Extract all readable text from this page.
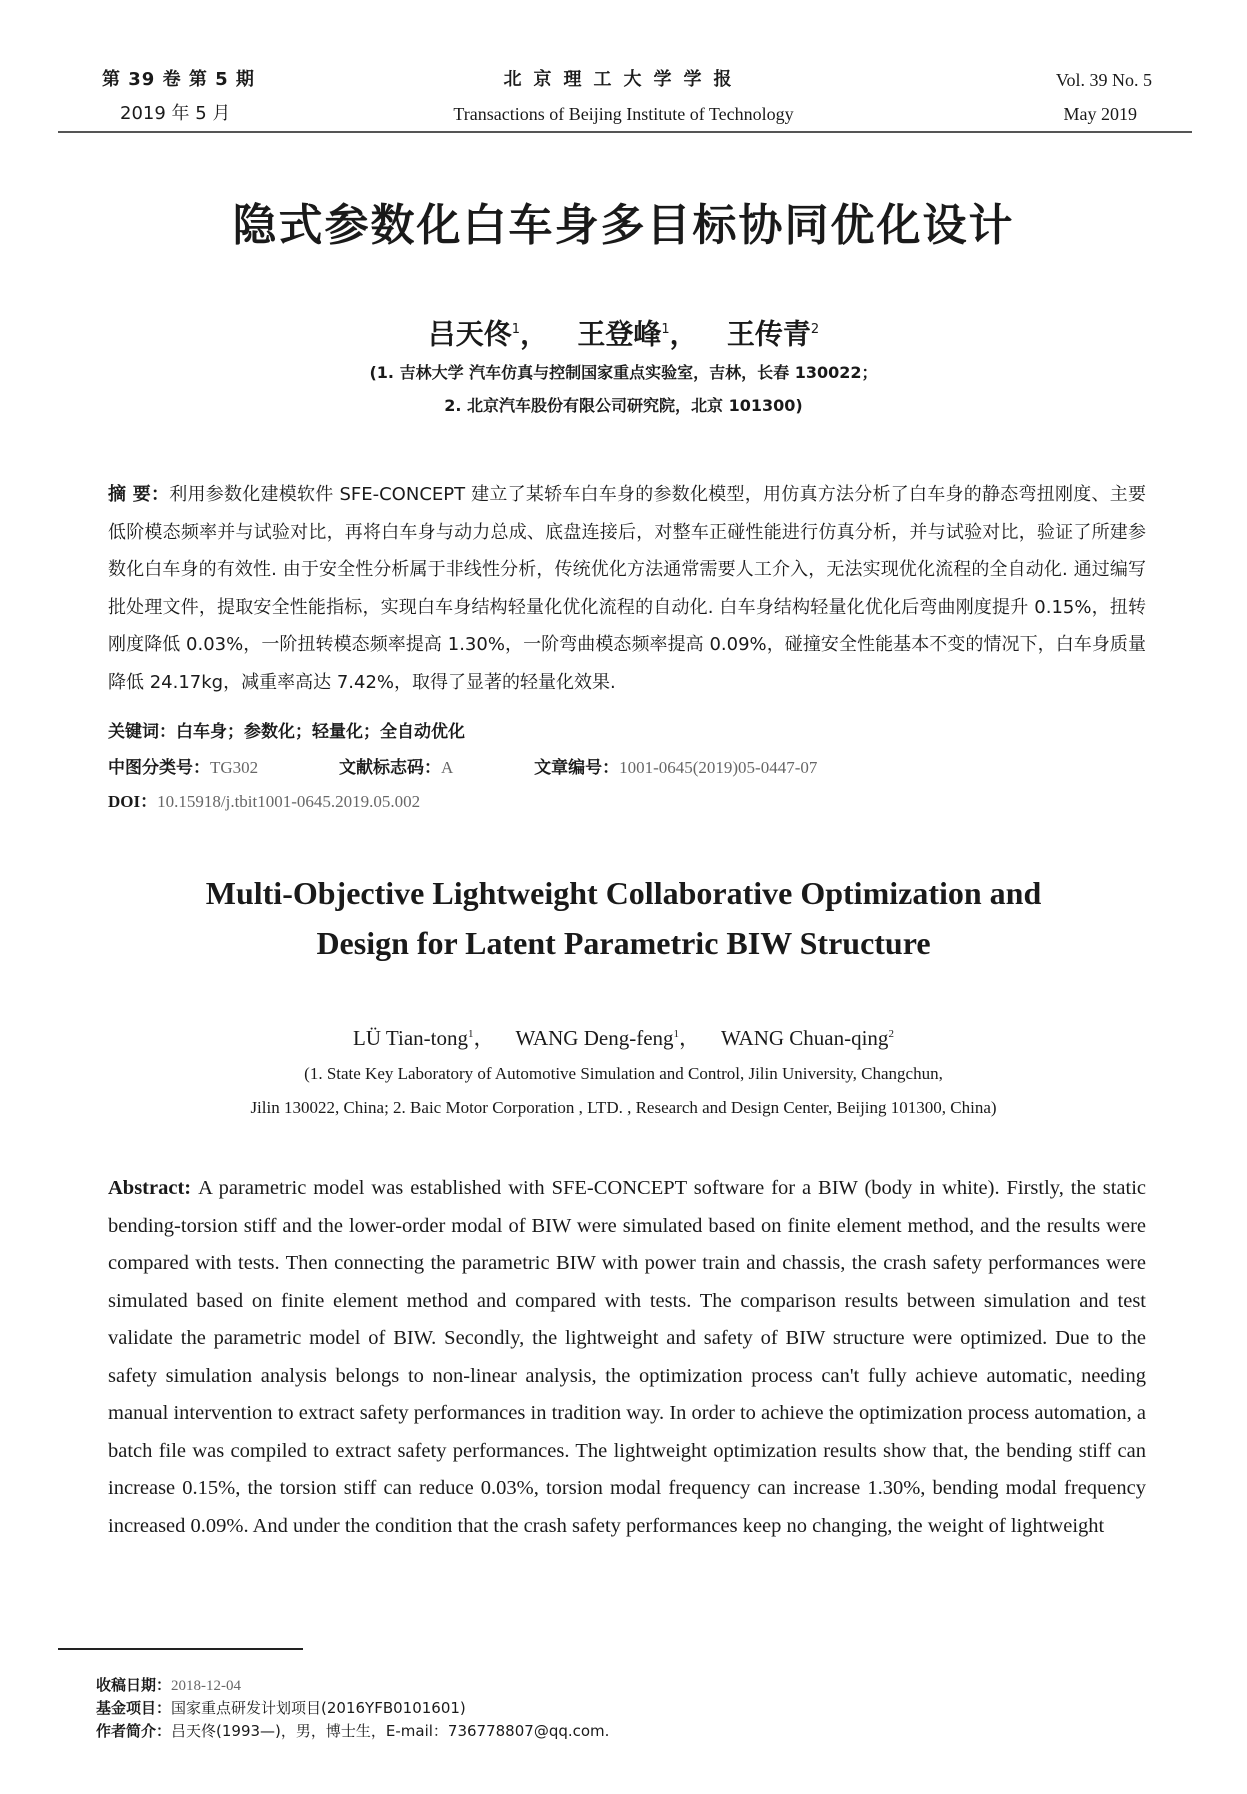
第 39 卷 第 5 期
2019 年 5 月
北京理工大学学报
Transactions of Beijing Institute of Technology
Vol. 39 No. 5
May 2019
隐式参数化白车身多目标协同优化设计
吕天佟$^1$， 王登峰$^1$， 王传青$^2$
(1. 吉林大学 汽车仿真与控制国家重点实验室，吉林，长春 130022；
2. 北京汽车股份有限公司研究院，北京 101300)
摘 要：利用参数化建模软件 SFE-CONCEPT 建立了某轿车白车身的参数化模型，用仿真方法分析了白车身的静态弯扭刚度、主要低阶模态频率并与试验对比，再将白车身与动力总成、底盘连接后，对整车正碰性能进行仿真分析，并与试验对比，验证了所建参数化白车身的有效性. 由于安全性分析属于非线性分析，传统优化方法通常需要人工介入，无法实现优化流程的全自动化. 通过编写批处理文件，提取安全性能指标，实现白车身结构轻量化优化流程的自动化. 白车身结构轻量化优化后弯曲刚度提升 0.15%，扭转刚度降低 0.03%，一阶扭转模态频率提高 1.30%，一阶弯曲模态频率提高 0.09%，碰撞安全性能基本不变的情况下，白车身质量降低 24.17kg，减重率高达 7.42%，取得了显著的轻量化效果.
关键词：白车身；参数化；轻量化；全自动优化
中图分类号：TG302	文献标志码：A	文章编号：1001-0645(2019)05-0447-07
DOI：10.15918/j.tbit1001-0645.2019.05.002
Multi-Objective Lightweight Collaborative Optimization and
Design for Latent Parametric BIW Structure
LÜ Tian-tong$^1$， WANG Deng-feng$^1$， WANG Chuan-qing$^2$
(1. State Key Laboratory of Automotive Simulation and Control, Jilin University, Changchun,
Jilin 130022, China; 2. Baic Motor Corporation , LTD. , Research and Design Center, Beijing 101300, China)
Abstract: A parametric model was established with SFE-CONCEPT software for a BIW (body in white). Firstly, the static bending-torsion stiff and the lower-order modal of BIW were simulated based on finite element method, and the results were compared with tests. Then connecting the parametric BIW with power train and chassis, the crash safety performances were simulated based on finite element method and compared with tests. The comparison results between simulation and test validate the parametric model of BIW. Secondly, the lightweight and safety of BIW structure were optimized. Due to the safety simulation analysis belongs to non-linear analysis, the optimization process can't fully achieve automatic, needing manual intervention to extract safety performances in tradition way. In order to achieve the optimization process automation, a batch file was compiled to extract safety performances. The lightweight optimization results show that, the bending stiff can increase 0.15%, the torsion stiff can reduce 0.03%, torsion modal frequency can increase 1.30%, bending modal frequency increased 0.09%. And under the condition that the crash safety performances keep no changing, the weight of lightweight
收稿日期：2018-12-04
基金项目：国家重点研发计划项目(2016YFB0101601)
作者简介：吕天佟(1993—)，男，博士生，E-mail：736778807@qq.com.
